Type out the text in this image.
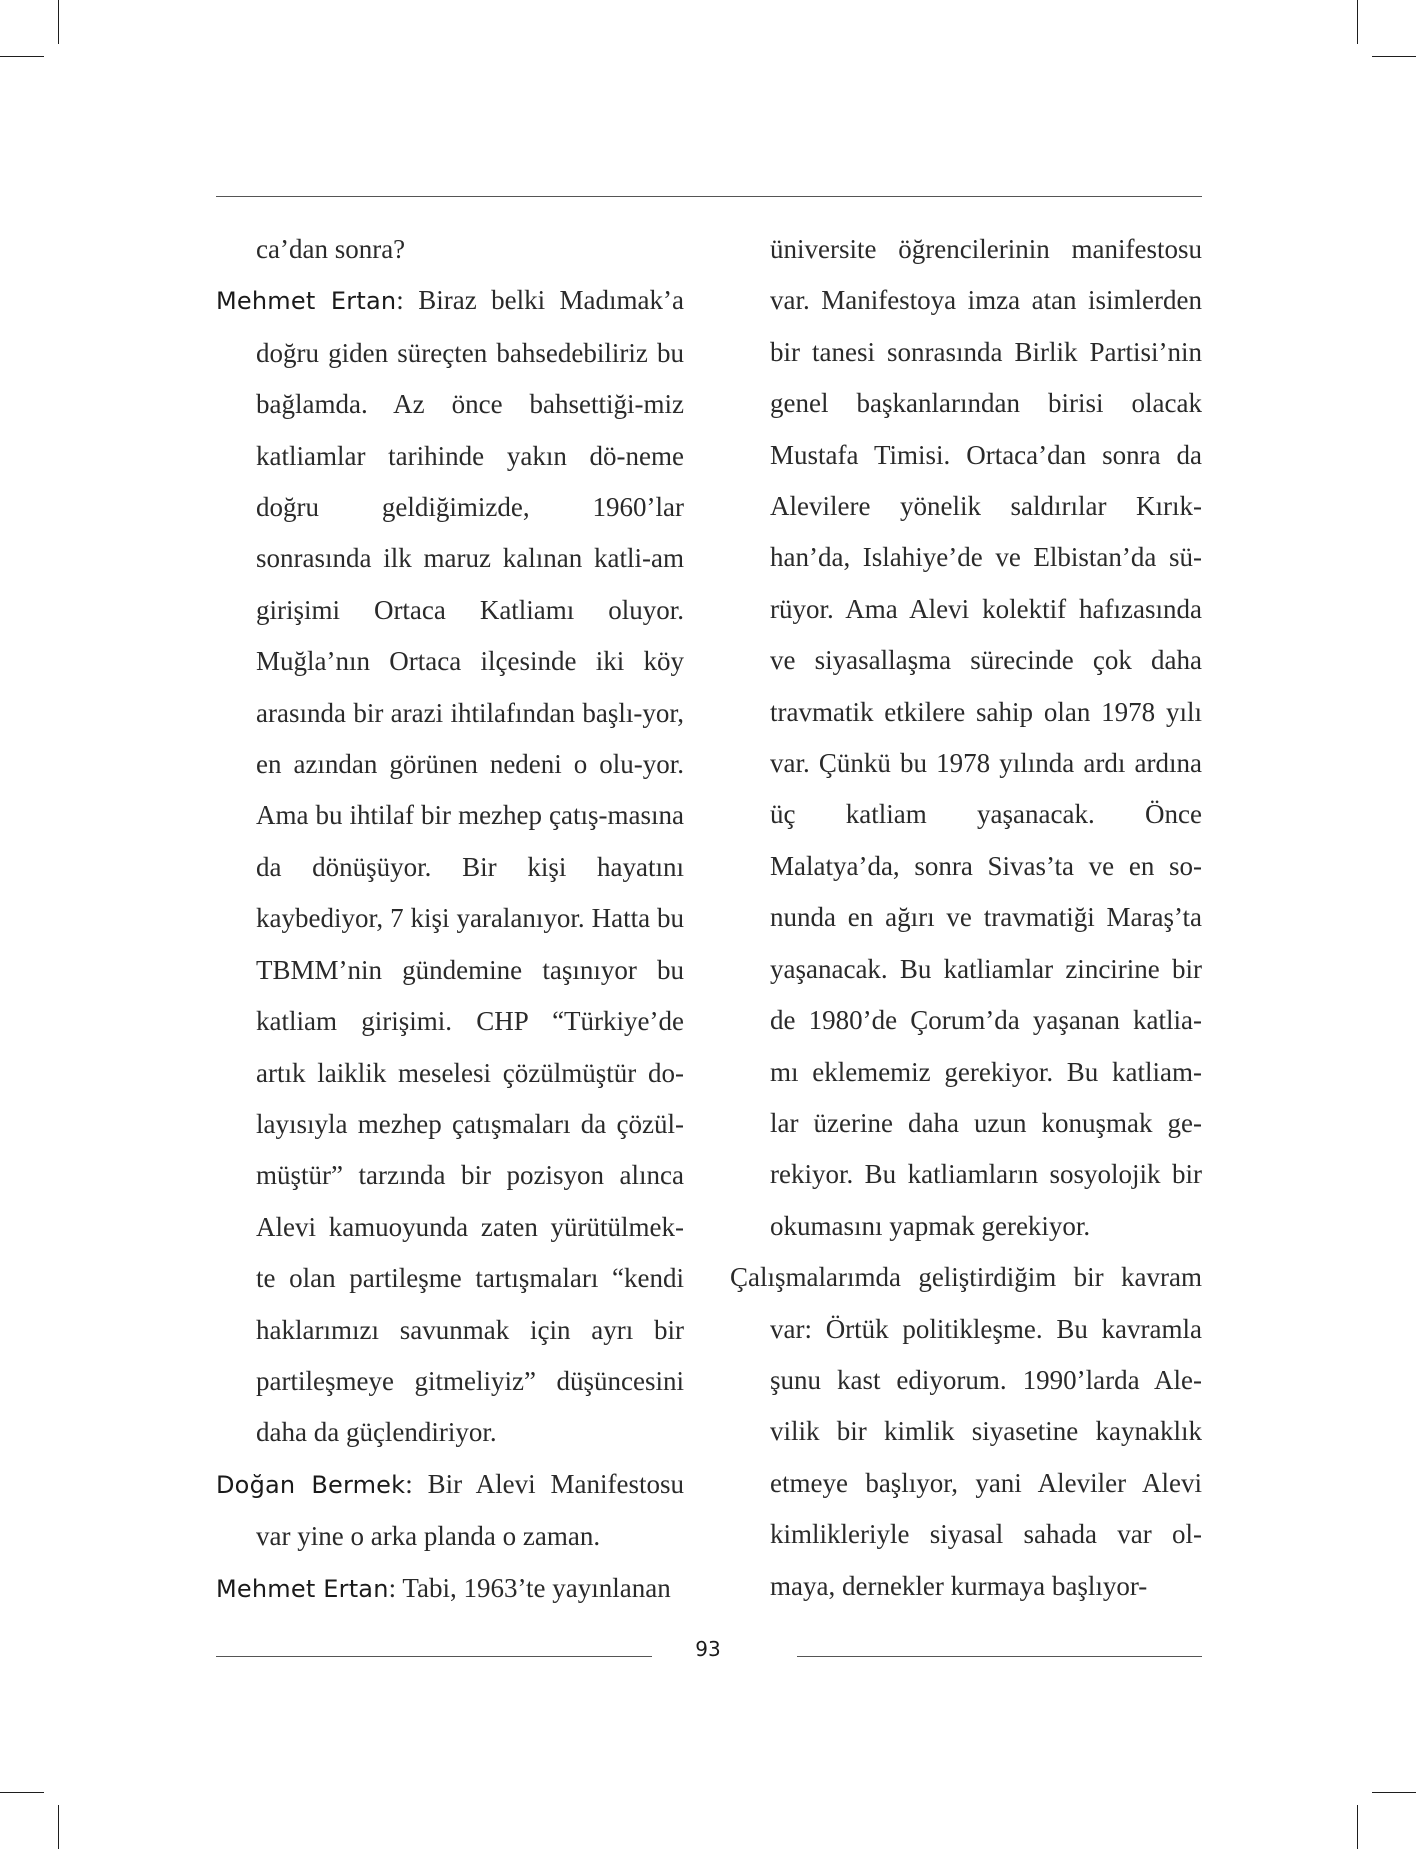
ca’dan sonra?

Mehmet Ertan: Biraz belki Madımak’a doğru giden süreçten bahsedebiliriz bu bağlamda. Az önce bahsettiği-miz katliamlar tarihinde yakın dö-neme doğru geldiğimizde, 1960’lar sonrasında ilk maruz kalınan katli-am girişimi Ortaca Katliamı oluyor. Muğla’nın Ortaca ilçesinde iki köy arasında bir arazi ihtilafından başlı-yor, en azından görünen nedeni o olu-yor. Ama bu ihtilaf bir mezhep çatış-masına da dönüşüyor. Bir kişi hayatını kaybediyor, 7 kişi yaralanıyor. Hatta bu TBMM’nin gündemine taşınıyor bu katliam girişimi. CHP “Türkiye’de artık laiklik meselesi çözülmüştür do-layısıyla mezhep çatışmaları da çözül-müştür” tarzında bir pozisyon alınca Alevi kamuoyunda zaten yürütülmek-te olan partileşme tartışmaları “kendi haklarımızı savunmak için ayrı bir partileşmeye gitmeliyiz” düşüncesini daha da güçlendiriyor.

Doğan Bermek: Bir Alevi Manifestosu var yine o arka planda o zaman.

Mehmet Ertan: Tabi, 1963’te yayınlanan

üniversite öğrencilerinin manifestosu var. Manifestoya imza atan isimlerden bir tanesi sonrasında Birlik Partisi’nin genel başkanlarından birisi olacak Mustafa Timisi. Ortaca’dan sonra da Alevilere yönelik saldırılar Kırık-han’da, Islahiye’de ve Elbistan’da sü-rüyor. Ama Alevi kolektif hafızasında ve siyasallaşma sürecinde çok daha travmatik etkilere sahip olan 1978 yılı var. Çünkü bu 1978 yılında ardı ardına üç katliam yaşanacak. Önce Malatya’da, sonra Sivas’ta ve en so-nunda en ağırı ve travmatiği Maraş’ta yaşanacak. Bu katliamlar zincirine bir de 1980’de Çorum’da yaşanan katlia-mı eklememiz gerekiyor. Bu katliam-lar üzerine daha uzun konuşmak ge-rekiyor. Bu katliamların sosyolojik bir okumasını yapmak gerekiyor.

Çalışmalarımda geliştirdiğim bir kavram var: Örtük politikleşme. Bu kavramla şunu kast ediyorum. 1990’larda Ale-vilik bir kimlik siyasetine kaynaklık etmeye başlıyor, yani Aleviler Alevi kimlikleriyle siyasal sahada var ol-maya, dernekler kurmaya başlıyor-

93
